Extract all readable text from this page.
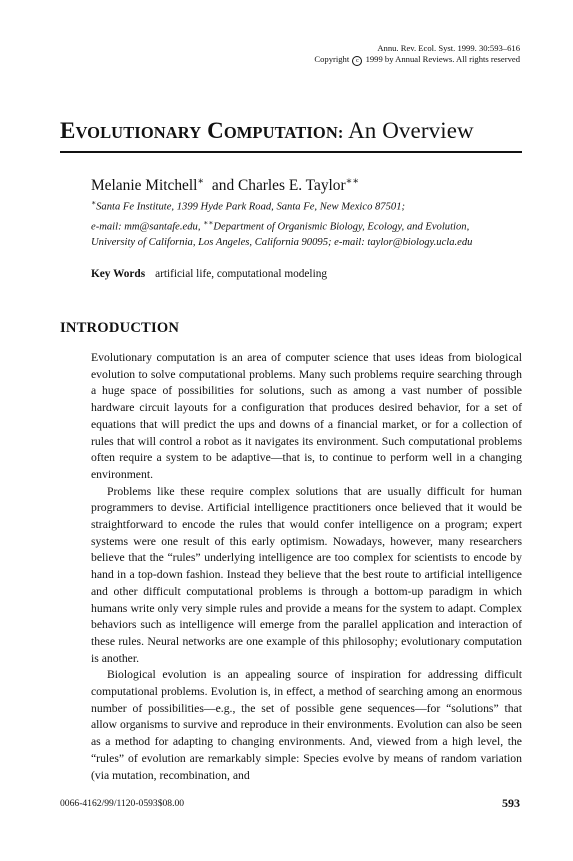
Annu. Rev. Ecol. Syst. 1999. 30:593–616
Copyright c 1999 by Annual Reviews. All rights reserved
EVOLUTIONARY COMPUTATION: An Overview
Melanie Mitchell∗  and Charles E. Taylor∗∗
∗Santa Fe Institute, 1399 Hyde Park Road, Santa Fe, New Mexico 87501;
e-mail: mm@santafe.edu, ∗∗Department of Organismic Biology, Ecology, and Evolution,
University of California, Los Angeles, California 90095; e-mail: taylor@biology.ucla.edu
Key Words artificial life, computational modeling
INTRODUCTION

Evolutionary computation is an area of computer science that uses ideas from biological evolution to solve computational problems. Many such problems require searching through a huge space of possibilities for solutions, such as among a vast number of possible hardware circuit layouts for a configuration that produces desired behavior, for a set of equations that will predict the ups and downs of a financial market, or for a collection of rules that will control a robot as it navigates its environment. Such computational problems often require a system to be adaptive—that is, to continue to perform well in a changing environment.

Problems like these require complex solutions that are usually difficult for human programmers to devise. Artificial intelligence practitioners once believed that it would be straightforward to encode the rules that would confer intelligence on a program; expert systems were one result of this early optimism. Nowadays, however, many researchers believe that the “rules” underlying intelligence are too complex for scientists to encode by hand in a top-down fashion. Instead they believe that the best route to artificial intelligence and other difficult computational problems is through a bottom-up paradigm in which humans write only very simple rules and provide a means for the system to adapt. Complex behaviors such as intelligence will emerge from the parallel application and interaction of these rules. Neural networks are one example of this philosophy; evolutionary computation is another.

Biological evolution is an appealing source of inspiration for addressing difficult computational problems. Evolution is, in effect, a method of searching among an enormous number of possibilities—e.g., the set of possible gene sequences—for “solutions” that allow organisms to survive and reproduce in their environments. Evolution can also be seen as a method for adapting to changing environments. And, viewed from a high level, the “rules” of evolution are remarkably simple: Species evolve by means of random variation (via mutation, recombination, and

0066-4162/99/1120-0593$08.00	593
